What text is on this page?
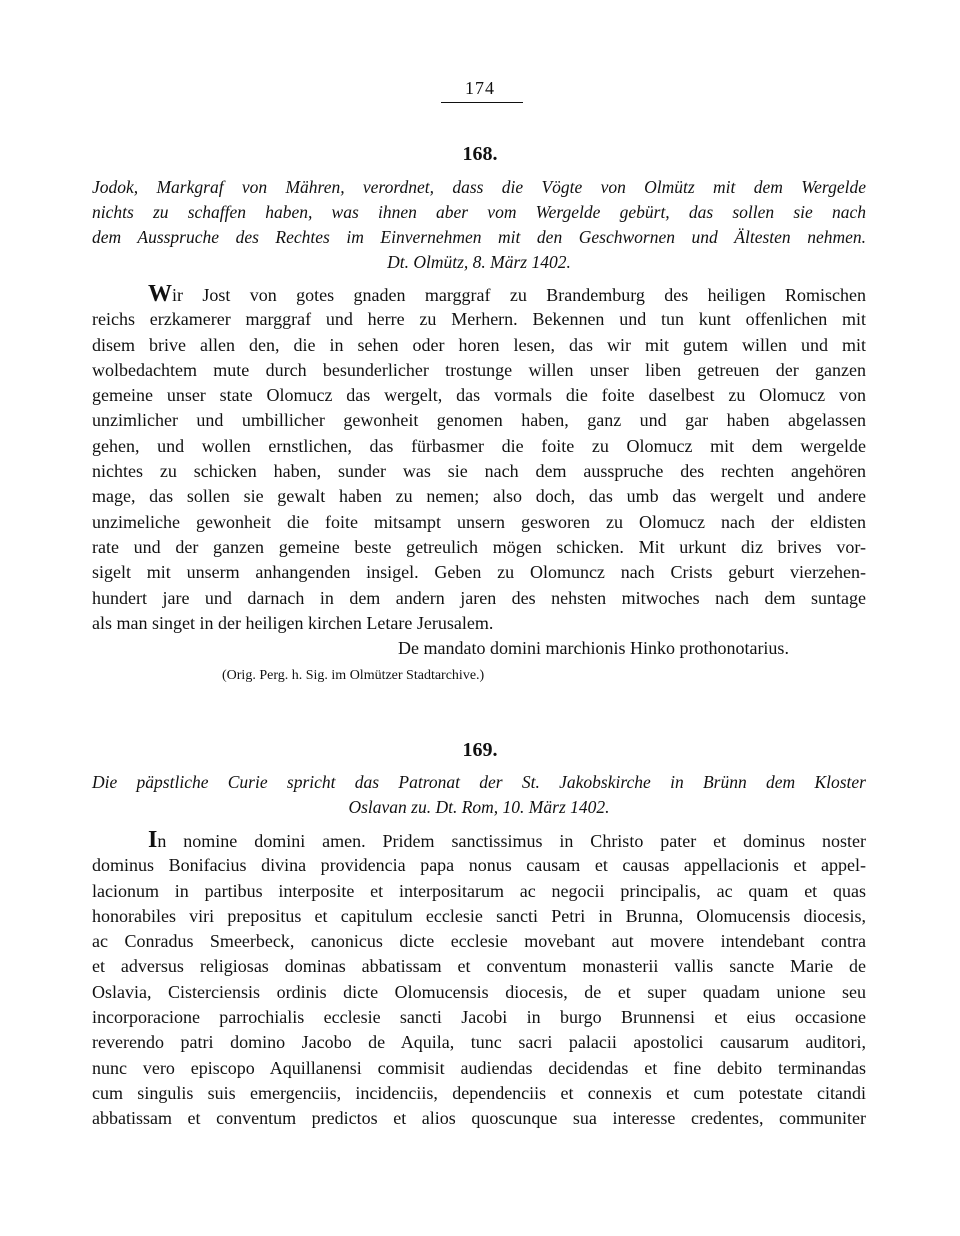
174
168.
Jodok, Markgraf von Mähren, verordnet, dass die Vögte von Olmütz mit dem Wergelde
nichts zu schaffen haben, was ihnen aber vom Wergelde gebürt, das sollen sie nach
dem Ausspruche des Rechtes im Einvernehmen mit den Geschwornen und Ältesten nehmen.
Dt. Olmütz, 8. März 1402.
Wir Jost von gotes gnaden marggraf zu Brandemburg des heiligen Romischen
reichs erzkamerer marggraf und herre zu Merhern. Bekennen und tun kunt offenlichen mit
disem brive allen den, die in sehen oder horen lesen, das wir mit gutem willen und mit
wolbedachtem mute durch besunderlicher trostunge willen unser liben getreuen der ganzen
gemeine unser state Olomucz das wergelt, das vormals die foite daselbest zu Olomucz von
unzimlicher und umbillicher gewonheit genomen haben, ganz und gar haben abgelassen
gehen, und wollen ernstlichen, das fürbasmer die foite zu Olomucz mit dem wergelde
nichtes zu schicken haben, sunder was sie nach dem ausspruche des rechten angehören
mage, das sollen sie gewalt haben zu nemen; also doch, das umb das wergelt und andere
unzimeliche gewonheit die foite mitsampt unsern gesworen zu Olomucz nach der eldisten
rate und der ganzen gemeine beste getreulich mögen schicken. Mit urkunt diz brives vor-
sigelt mit unserm anhangenden insigel. Geben zu Olomuncz nach Crists geburt vierzehen-
hundert jare und darnach in dem andern jaren des nehsten mitwoches nach dem suntage
als man singet in der heiligen kirchen Letare Jerusalem.
De mandato domini marchionis Hinko prothonotarius.
(Orig. Perg. h. Sig. im Olmützer Stadtarchive.)
169.
Die päpstliche Curie spricht das Patronat der St. Jakobskirche in Brünn dem Kloster
Oslavan zu. Dt. Rom, 10. März 1402.
In nomine domini amen. Pridem sanctissimus in Christo pater et dominus noster
dominus Bonifacius divina providencia papa nonus causam et causas appellacionis et appel-
lacionum in partibus interposite et interpositarum ac negocii principalis, ac quam et quas
honorabiles viri prepositus et capitulum ecclesie sancti Petri in Brunna, Olomucensis diocesis,
ac Conradus Smeerbeck, canonicus dicte ecclesie movebant aut movere intendebant contra
et adversus religiosas dominas abbatissam et conventum monasterii vallis sancte Marie de
Oslavia, Cisterciensis ordinis dicte Olomucensis diocesis, de et super quadam unione seu
incorporacione parrochialis ecclesie sancti Jacobi in burgo Brunnensi et eius occasione
reverendo patri domino Jacobo de Aquila, tunc sacri palacii apostolici causarum auditori,
nunc vero episcopo Aquillanensi commisit audiendas decidendas et fine debito terminandas
cum singulis suis emergenciis, incidenciis, dependenciis et connexis et cum potestate citandi
abbatissam et conventum predictos et alios quoscunque sua interesse credentes, communiter
